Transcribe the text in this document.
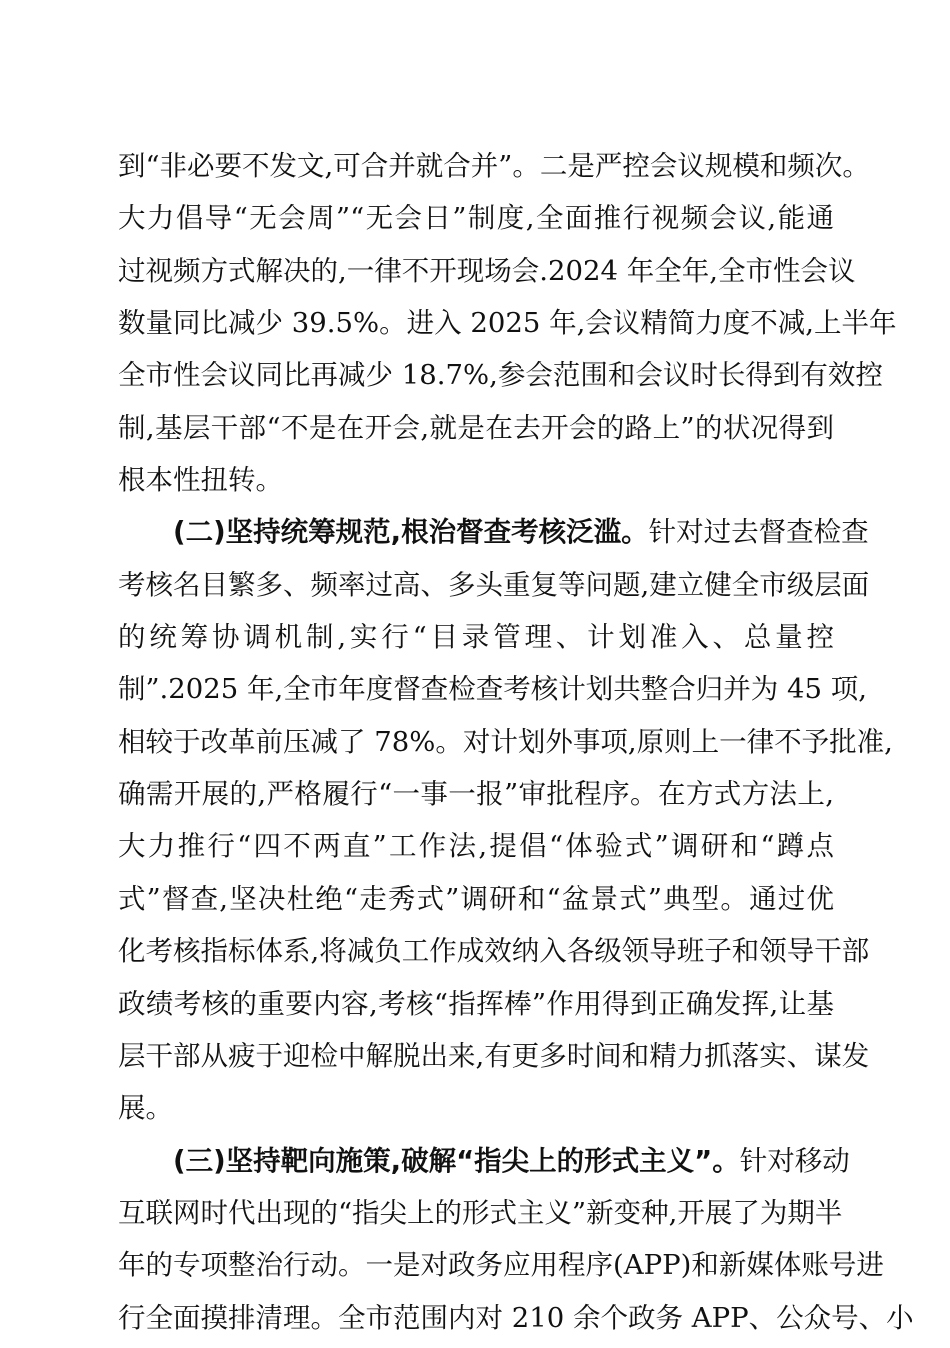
到“非必要不发文,可合并就合并”。二是严控会议规模和频次。
大力倡导“无会周”“无会日”制度,全面推行视频会议,能通
过视频方式解决的,一律不开现场会.2024 年全年,全市性会议
数量同比减少 39.5%。进入 2025 年,会议精简力度不减,上半年
全市性会议同比再减少 18.7%,参会范围和会议时长得到有效控
制,基层干部“不是在开会,就是在去开会的路上”的状况得到
根本性扭转。
　　(二)坚持统筹规范,根治督查考核泛滥。针对过去督查检查
考核名目繁多、频率过高、多头重复等问题,建立健全市级层面
的统筹协调机制,实行“目录管理、计划准入、总量控
制”.2025 年,全市年度督查检查考核计划共整合归并为 45 项,
相较于改革前压减了 78%。对计划外事项,原则上一律不予批准,
确需开展的,严格履行“一事一报”审批程序。在方式方法上,
大力推行“四不两直”工作法,提倡“体验式”调研和“蹲点
式”督查,坚决杜绝“走秀式”调研和“盆景式”典型。通过优
化考核指标体系,将减负工作成效纳入各级领导班子和领导干部
政绩考核的重要内容,考核“指挥棒”作用得到正确发挥,让基
层干部从疲于迎检中解脱出来,有更多时间和精力抓落实、谋发
展。
　　(三)坚持靶向施策,破解“指尖上的形式主义”。针对移动
互联网时代出现的“指尖上的形式主义”新变种,开展了为期半
年的专项整治行动。一是对政务应用程序(APP)和新媒体账号进
行全面摸排清理。全市范围内对 210 余个政务 APP、公众号、小
